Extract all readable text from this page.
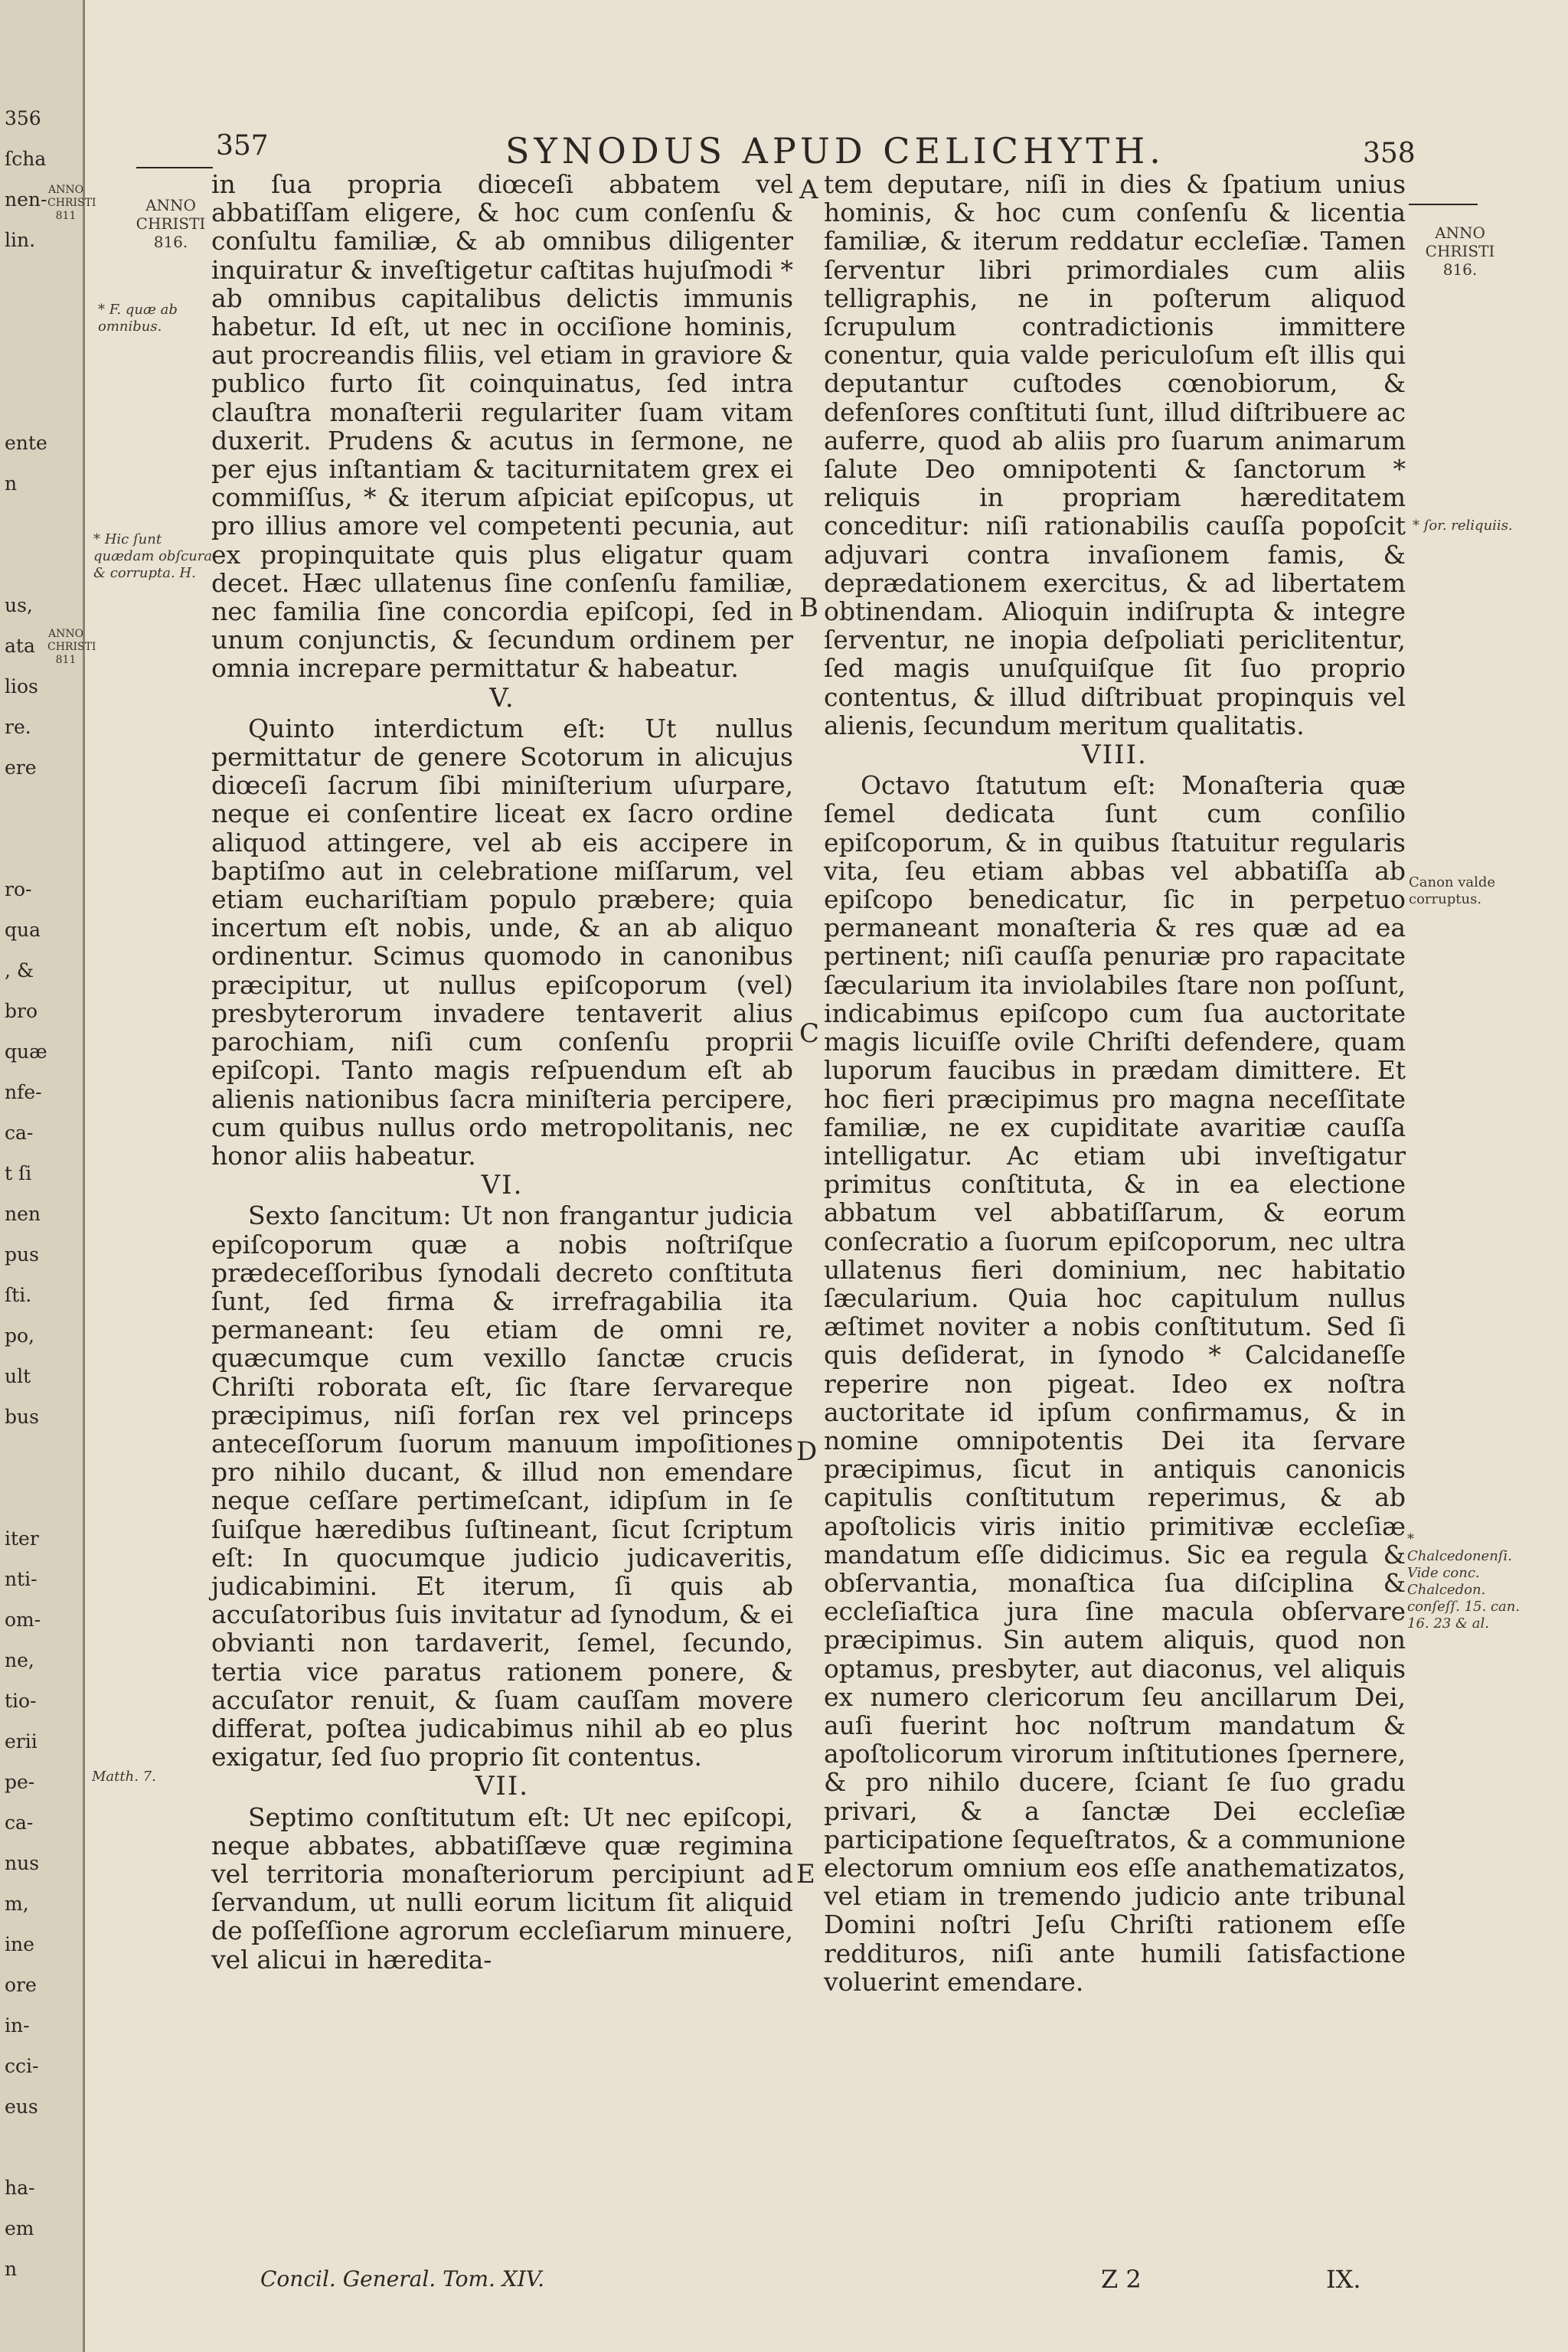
356
ſcha
nen-
lin.
ente
n
us,
ata
lios
re.
ere
ro-
qua
, &
bro
quæ
nfe-
ca-
t ſi
nen
pus
ſti.
po,
ult
bus
iter
nti-
om-
ne,
tio-
erii
pe-
ca-
nus
m,
ine
ore
in-
cci-
eus
ha-
em
n
357	SYNODUS APUD CELICHYTH.	358
ANNO
CHRISTI
816.
* F. quæ ab omnibus.
* Hic ſunt quædam obſcura & corrupta. H.
Matth. 7.
ANNO
CHRISTI
816.
* ſor. reliquiis.
Canon valde corruptus.
* Chalcedonenſi. Vide conc. Chalcedon. conſeſſ. 15. can. 16. 23 & al.
A
B
C
D
E

in ſua propria diœceſi abbatem vel abbatiſſam eligere, & hoc cum conſenſu & conſultu familiæ, & ab omnibus diligenter inquiratur & inveſtigetur caſtitas hujuſmodi * ab omnibus capitalibus delictis immunis habetur. Id eſt, ut nec in occiſione hominis, aut procreandis filiis, vel etiam in graviore & publico furto ſit coinquinatus, ſed intra clauſtra monaſterii regulariter ſuam vitam duxerit. Prudens & acutus in ſermone, ne per ejus inſtantiam & taciturnitatem grex ei commiſſus, * & iterum aſpiciat epiſcopus, ut pro illius amore vel competenti pecunia, aut ex propinquitate quis plus eligatur quam decet. Hæc ullatenus ſine conſenſu familiæ, nec familia ſine concordia epiſcopi, ſed in unum conjunctis, & ſecundum ordinem per omnia increpare permittatur & habeatur.

V.

Quinto interdictum eſt: Ut nullus permittatur de genere Scotorum in alicujus diœceſi ſacrum ſibi miniſterium uſurpare, neque ei conſentire liceat ex ſacro ordine aliquod attingere, vel ab eis accipere in baptiſmo aut in celebratione miſſarum, vel etiam euchariſtiam populo præbere; quia incertum eſt nobis, unde, & an ab aliquo ordinentur. Scimus quomodo in canonibus præcipitur, ut nullus epiſcoporum (vel) presbyterorum invadere tentaverit alius parochiam, niſi cum conſenſu proprii epiſcopi. Tanto magis reſpuendum eſt ab alienis nationibus ſacra miniſteria percipere, cum quibus nullus ordo metropolitanis, nec honor aliis habeatur.

VI.

Sexto ſancitum: Ut non frangantur judicia epiſcoporum quæ a nobis noſtriſque prædeceſſoribus ſynodali decreto conſtituta ſunt, ſed firma & irrefragabilia ita permaneant: ſeu etiam de omni re, quæcumque cum vexillo ſanctæ crucis Chriſti roborata eſt, ſic ſtare ſervareque præcipimus, niſi forſan rex vel princeps anteceſſorum ſuorum manuum impoſitiones pro nihilo ducant, & illud non emendare neque ceſſare pertimeſcant, idipſum in ſe ſuiſque hæredibus ſuſtineant, ſicut ſcriptum eſt: In quocumque judicio judicaveritis, judicabimini. Et iterum, ſi quis ab accuſatoribus ſuis invitatur ad ſynodum, & ei obvianti non tardaverit, ſemel, ſecundo, tertia vice paratus rationem ponere, & accuſator renuit, & ſuam cauſſam movere differat, poſtea judicabimus nihil ab eo plus exigatur, ſed ſuo proprio ſit contentus.

VII.

Septimo conſtitutum eſt: Ut nec epiſcopi, neque abbates, abbatiſſæve quæ regimina vel territoria monaſteriorum percipiunt ad ſervandum, ut nulli eorum licitum ſit aliquid de poſſeſſione agrorum eccleſiarum minuere, vel alicui in hæredita-

tem deputare, niſi in dies & ſpatium unius hominis, & hoc cum conſenſu & licentia familiæ, & iterum reddatur eccleſiæ. Tamen ſerventur libri primordiales cum aliis telligraphis, ne in poſterum aliquod ſcrupulum contradictionis immittere conentur, quia valde periculoſum eſt illis qui deputantur cuſtodes cœnobiorum, & defenſores conſtituti ſunt, illud diſtribuere ac auferre, quod ab aliis pro ſuarum animarum ſalute Deo omnipotenti & ſanctorum * reliquis in propriam hæreditatem conceditur: niſi rationabilis cauſſa popoſcit adjuvari contra invaſionem famis, & deprædationem exercitus, & ad libertatem obtinendam. Alioquin indiſrupta & integre ſerventur, ne inopia deſpoliati periclitentur, ſed magis unuſquiſque ſit ſuo proprio contentus, & illud diſtribuat propinquis vel alienis, ſecundum meritum qualitatis.

VIII.

Octavo ſtatutum eſt: Monaſteria quæ ſemel dedicata ſunt cum conſilio epiſcoporum, & in quibus ſtatuitur regularis vita, ſeu etiam abbas vel abbatiſſa ab epiſcopo benedicatur, ſic in perpetuo permaneant monaſteria & res quæ ad ea pertinent; niſi cauſſa penuriæ pro rapacitate ſæcularium ita inviolabiles ſtare non poſſunt, indicabimus epiſcopo cum ſua auctoritate magis licuiſſe ovile Chriſti defendere, quam luporum faucibus in prædam dimittere. Et hoc fieri præcipimus pro magna neceſſitate familiæ, ne ex cupiditate avaritiæ cauſſa intelligatur. Ac etiam ubi inveſtigatur primitus conſtituta, & in ea electione abbatum vel abbatiſſarum, & eorum conſecratio a ſuorum epiſcoporum, nec ultra ullatenus fieri dominium, nec habitatio ſæcularium. Quia hoc capitulum nullus æſtimet noviter a nobis conſtitutum. Sed ſi quis deſiderat, in ſynodo * Calcidaneſſe reperire non pigeat. Ideo ex noſtra auctoritate id ipſum confirmamus, & in nomine omnipotentis Dei ita ſervare præcipimus, ſicut in antiquis canonicis capitulis conſtitutum reperimus, & ab apoſtolicis viris initio primitivæ eccleſiæ mandatum eſſe didicimus. Sic ea regula & obſervantia, monaſtica ſua diſciplina & eccleſiaſtica jura ſine macula obſervare præcipimus. Sin autem aliquis, quod non optamus, presbyter, aut diaconus, vel aliquis ex numero clericorum ſeu ancillarum Dei, auſi fuerint hoc noſtrum mandatum & apoſtolicorum virorum inſtitutiones ſpernere, & pro nihilo ducere, ſciant ſe ſuo gradu privari, & a ſanctæ Dei eccleſiæ participatione ſequeſtratos, & a communione electorum omnium eos eſſe anathematizatos, vel etiam in tremendo judicio ante tribunal Domini noſtri Jeſu Chriſti rationem eſſe reddituros, niſi ante humili ſatisfactione voluerint emendare.

Concil. General. Tom. XIV.	Z 2	IX.
ANNO
CHRISTI
811
ANNO
CHRISTI
811
